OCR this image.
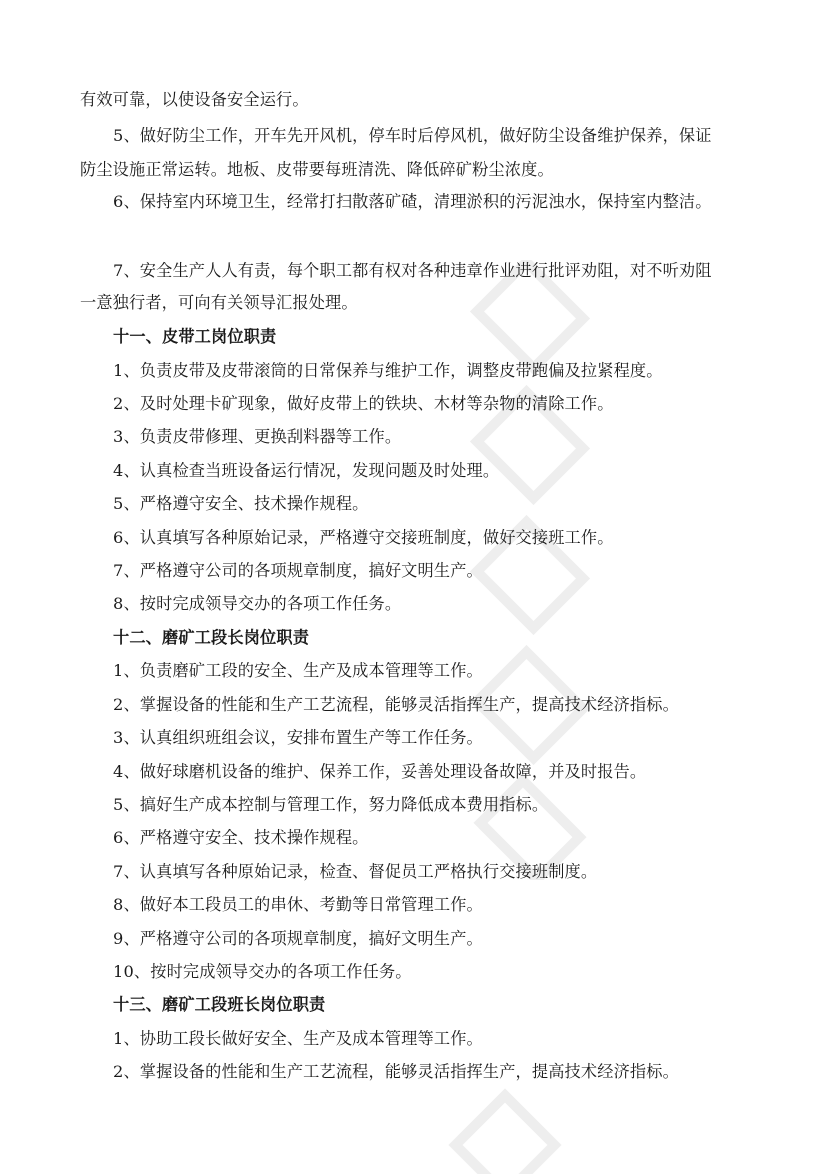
有效可靠，以使设备安全运行。
5、做好防尘工作，开车先开风机，停车时后停风机，做好防尘设备维护保养，保证
防尘设施正常运转。地板、皮带要每班清洗、降低碎矿粉尘浓度。
6、保持室内环境卫生，经常打扫散落矿碴，清理淤积的污泥浊水，保持室内整洁。
7、安全生产人人有责，每个职工都有权对各种违章作业进行批评劝阻，对不听劝阻
一意独行者，可向有关领导汇报处理。
十一、皮带工岗位职责
1、负责皮带及皮带滚筒的日常保养与维护工作，调整皮带跑偏及拉紧程度。
2、及时处理卡矿现象，做好皮带上的铁块、木材等杂物的清除工作。
3、负责皮带修理、更换刮料器等工作。
4、认真检查当班设备运行情况，发现问题及时处理。
5、严格遵守安全、技术操作规程。
6、认真填写各种原始记录，严格遵守交接班制度，做好交接班工作。
7、严格遵守公司的各项规章制度，搞好文明生产。
8、按时完成领导交办的各项工作任务。
十二、磨矿工段长岗位职责
1、负责磨矿工段的安全、生产及成本管理等工作。
2、掌握设备的性能和生产工艺流程，能够灵活指挥生产，提高技术经济指标。
3、认真组织班组会议，安排布置生产等工作任务。
4、做好球磨机设备的维护、保养工作，妥善处理设备故障，并及时报告。
5、搞好生产成本控制与管理工作，努力降低成本费用指标。
6、严格遵守安全、技术操作规程。
7、认真填写各种原始记录，检查、督促员工严格执行交接班制度。
8、做好本工段员工的串休、考勤等日常管理工作。
9、严格遵守公司的各项规章制度，搞好文明生产。
10、按时完成领导交办的各项工作任务。
十三、磨矿工段班长岗位职责
1、协助工段长做好安全、生产及成本管理等工作。
2、掌握设备的性能和生产工艺流程，能够灵活指挥生产，提高技术经济指标。
